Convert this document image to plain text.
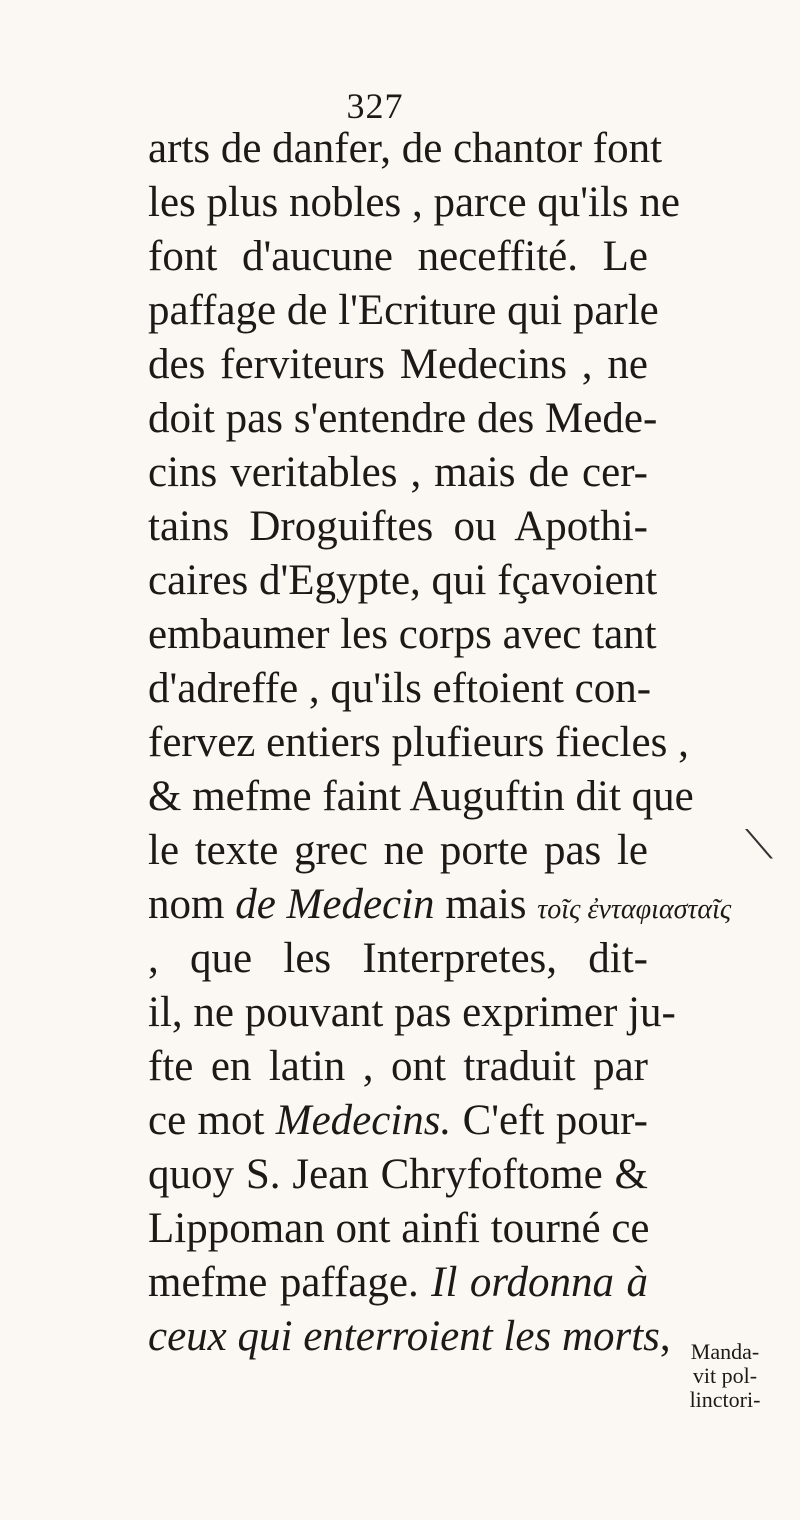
327
arts de danfer, de chantor font
les plus nobles , parce qu'ils ne
font d'aucune neceffité. Le
paffage de l'Ecriture qui parle
des ferviteurs Medecins , ne
doit pas s'entendre des Mede-
cins veritables , mais de cer-
tains Droguiftes ou Apothi-
caires d'Egypte, qui fçavoient
embaumer les corps avec tant
d'adreffe , qu'ils eftoient con-
fervez entiers plufieurs fiecles ,
& mefme faint Auguftin dit que
le texte grec ne porte pas le
nom de Medecin mais τοῖς ἐνταφιασταῖς
, que les Interpretes, dit-
il, ne pouvant pas exprimer ju-
fte en latin , ont traduit par
ce mot Medecins. C'eft pour-
quoy S. Jean Chryfoftome &
Lippoman ont ainfi tourné ce
mefme paffage. Il ordonna à
ceux qui enterroient les morts,
⟍
Manda-
vit pol-
linctori-
